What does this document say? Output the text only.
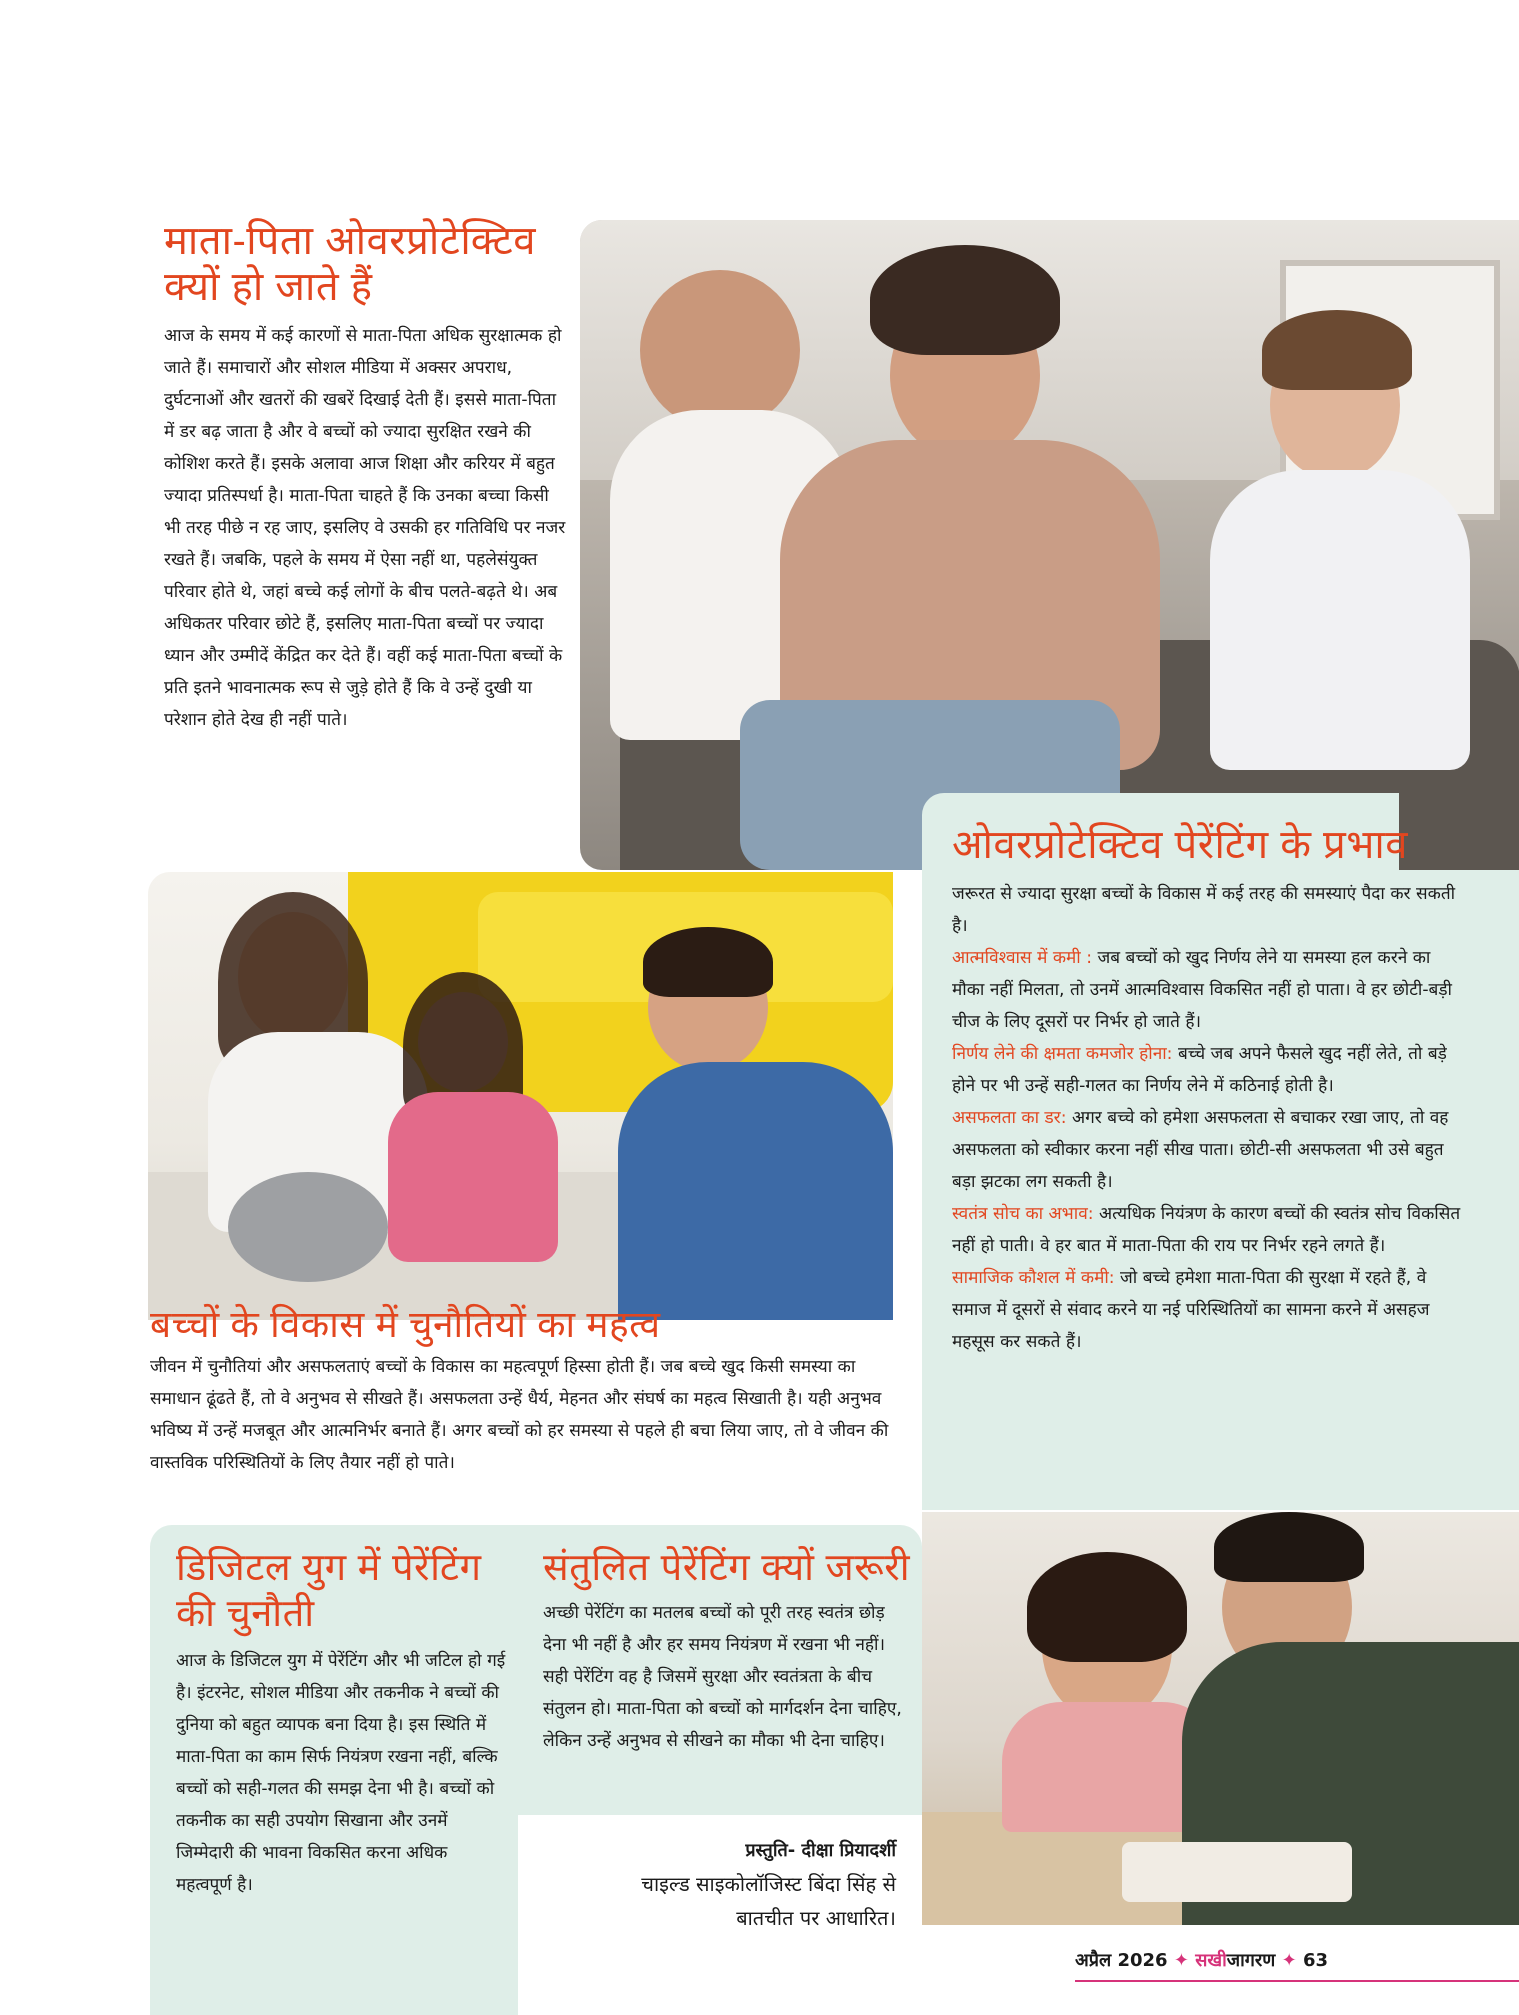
माता-पिता ओवरप्रोटेक्टिव
क्यों हो जाते हैं

आज के समय में कई कारणों से माता-पिता अधिक सुरक्षात्मक हो जाते हैं। समाचारों और सोशल मीडिया में अक्सर अपराध, दुर्घटनाओं और खतरों की खबरें दिखाई देती हैं। इससे माता-पिता में डर बढ़ जाता है और वे बच्चों को ज्यादा सुरक्षित रखने की कोशिश करते हैं। इसके अलावा आज शिक्षा और करियर में बहुत ज्यादा प्रतिस्पर्धा है। माता-पिता चाहते हैं कि उनका बच्चा किसी भी तरह पीछे न रह जाए, इसलिए वे उसकी हर गतिविधि पर नजर रखते हैं। जबकि, पहले के समय में ऐसा नहीं था, पहलेसंयुक्त परिवार होते थे, जहां बच्चे कई लोगों के बीच पलते-बढ़ते थे। अब अधिकतर परिवार छोटे हैं, इसलिए माता-पिता बच्चों पर ज्यादा ध्यान और उम्मीदें केंद्रित कर देते हैं। वहीं कई माता-पिता बच्चों के प्रति इतने भावनात्मक रूप से जुड़े होते हैं कि वे उन्हें दुखी या परेशान होते देख ही नहीं पाते।

ओवरप्रोटेक्टिव पेरेंटिंग के प्रभाव

जरूरत से ज्यादा सुरक्षा बच्चों के विकास में कई तरह की समस्याएं पैदा कर सकती है।

आत्मविश्वास में कमी : जब बच्चों को खुद निर्णय लेने या समस्या हल करने का मौका नहीं मिलता, तो उनमें आत्मविश्वास विकसित नहीं हो पाता। वे हर छोटी-बड़ी चीज के लिए दूसरों पर निर्भर हो जाते हैं।

निर्णय लेने की क्षमता कमजोर होना: बच्चे जब अपने फैसले खुद नहीं लेते, तो बड़े होने पर भी उन्हें सही-गलत का निर्णय लेने में कठिनाई होती है।

असफलता का डर: अगर बच्चे को हमेशा असफलता से बचाकर रखा जाए, तो वह असफलता को स्वीकार करना नहीं सीख पाता। छोटी-सी असफलता भी उसे बहुत बड़ा झटका लग सकती है।

स्वतंत्र सोच का अभाव: अत्यधिक नियंत्रण के कारण बच्चों की स्वतंत्र सोच विकसित नहीं हो पाती। वे हर बात में माता-पिता की राय पर निर्भर रहने लगते हैं।

सामाजिक कौशल में कमी: जो बच्चे हमेशा माता-पिता की सुरक्षा में रहते हैं, वे समाज में दूसरों से संवाद करने या नई परिस्थितियों का सामना करने में असहज महसूस कर सकते हैं।

बच्चों के विकास में चुनौतियों का महत्व

जीवन में चुनौतियां और असफलताएं बच्चों के विकास का महत्वपूर्ण हिस्सा होती हैं। जब बच्चे खुद किसी समस्या का समाधान ढूंढते हैं, तो वे अनुभव से सीखते हैं। असफलता उन्हें धैर्य, मेहनत और संघर्ष का महत्व सिखाती है। यही अनुभव भविष्य में उन्हें मजबूत और आत्मनिर्भर बनाते हैं। अगर बच्चों को हर समस्या से पहले ही बचा लिया जाए, तो वे जीवन की वास्तविक परिस्थितियों के लिए तैयार नहीं हो पाते।

डिजिटल युग में पेरेंटिंग
की चुनौती

आज के डिजिटल युग में पेरेंटिंग और भी जटिल हो गई है। इंटरनेट, सोशल मीडिया और तकनीक ने बच्चों की दुनिया को बहुत व्यापक बना दिया है। इस स्थिति में माता-पिता का काम सिर्फ नियंत्रण रखना नहीं, बल्कि बच्चों को सही-गलत की समझ देना भी है। बच्चों को तकनीक का सही उपयोग सिखाना और उनमें जिम्मेदारी की भावना विकसित करना अधिक महत्वपूर्ण है।

संतुलित पेरेंटिंग क्यों जरूरी

अच्छी पेरेंटिंग का मतलब बच्चों को पूरी तरह स्वतंत्र छोड़ देना भी नहीं है और हर समय नियंत्रण में रखना भी नहीं। सही पेरेंटिंग वह है जिसमें सुरक्षा और स्वतंत्रता के बीच संतुलन हो। माता-पिता को बच्चों को मार्गदर्शन देना चाहिए, लेकिन उन्हें अनुभव से सीखने का मौका भी देना चाहिए।

प्रस्तुति- दीक्षा प्रियादर्शी
चाइल्ड साइकोलॉजिस्ट बिंदा सिंह से
बातचीत पर आधारित।
अप्रैल 2026 ✦ सखीजागरण ✦ 63
